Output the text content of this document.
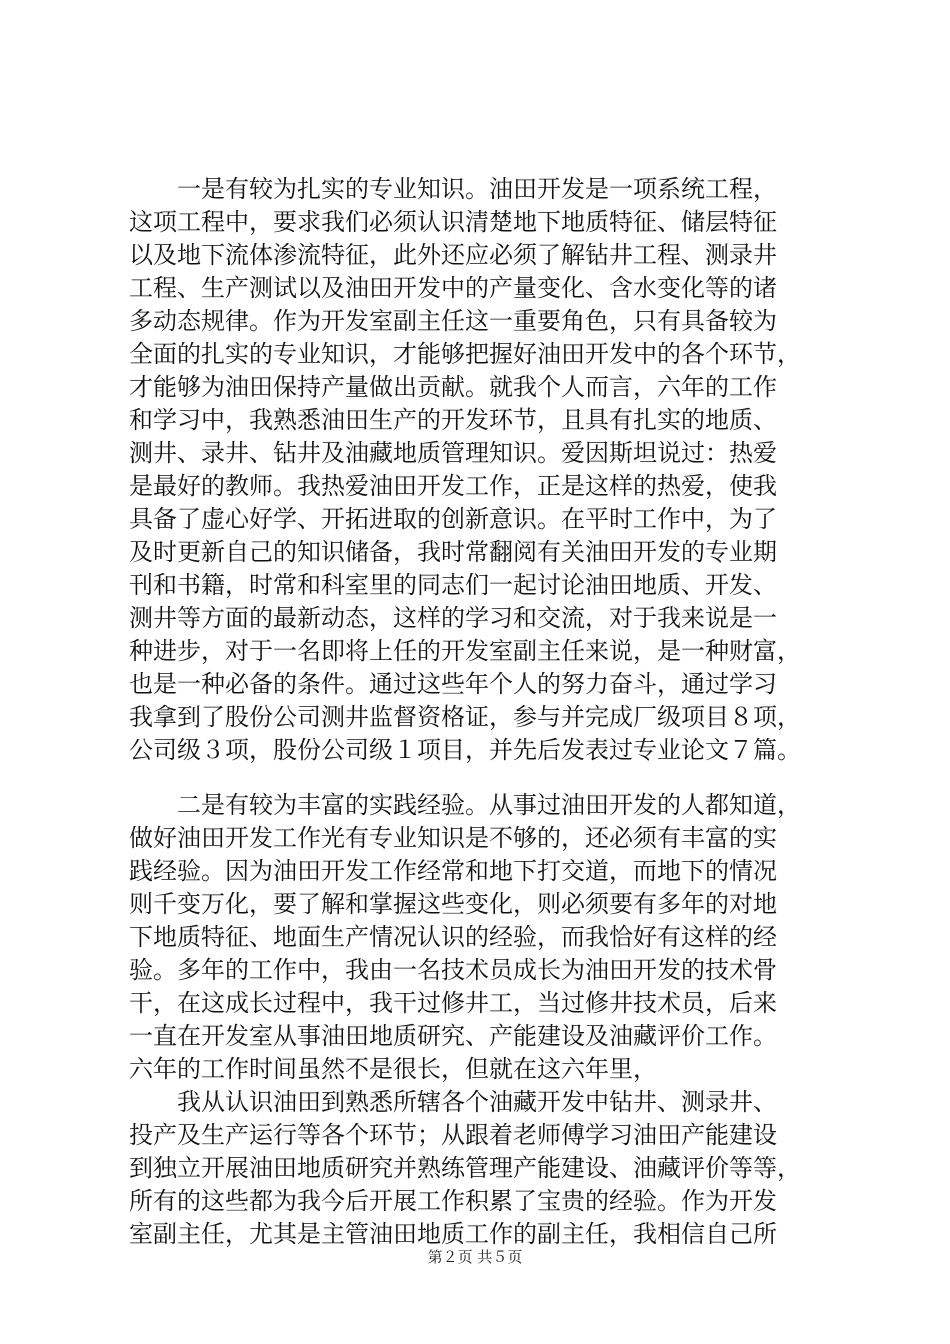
　　一是有较为扎实的专业知识。油田开发是一项系统工程，
这项工程中，要求我们必须认识清楚地下地质特征、储层特征
以及地下流体渗流特征，此外还应必须了解钻井工程、测录井
工程、生产测试以及油田开发中的产量变化、含水变化等的诸
多动态规律。作为开发室副主任这一重要角色，只有具备较为
全面的扎实的专业知识，才能够把握好油田开发中的各个环节，
才能够为油田保持产量做出贡献。就我个人而言，六年的工作
和学习中，我熟悉油田生产的开发环节，且具有扎实的地质、
测井、录井、钻井及油藏地质管理知识。爱因斯坦说过：热爱
是最好的教师。我热爱油田开发工作，正是这样的热爱，使我
具备了虚心好学、开拓进取的创新意识。在平时工作中，为了
及时更新自己的知识储备，我时常翻阅有关油田开发的专业期
刊和书籍，时常和科室里的同志们一起讨论油田地质、开发、
测井等方面的最新动态，这样的学习和交流，对于我来说是一
种进步，对于一名即将上任的开发室副主任来说，是一种财富，
也是一种必备的条件。通过这些年个人的努力奋斗，通过学习
我拿到了股份公司测井监督资格证，参与并完成厂级项目８项，
公司级３项，股份公司级１项目，并先后发表过专业论文７篇。
　　二是有较为丰富的实践经验。从事过油田开发的人都知道，
做好油田开发工作光有专业知识是不够的，还必须有丰富的实
践经验。因为油田开发工作经常和地下打交道，而地下的情况
则千变万化，要了解和掌握这些变化，则必须要有多年的对地
下地质特征、地面生产情况认识的经验，而我恰好有这样的经
验。多年的工作中，我由一名技术员成长为油田开发的技术骨
干，在这成长过程中，我干过修井工，当过修井技术员，后来
一直在开发室从事油田地质研究、产能建设及油藏评价工作。
六年的工作时间虽然不是很长，但就在这六年里，
　　我从认识油田到熟悉所辖各个油藏开发中钻井、测录井、
投产及生产运行等各个环节；从跟着老师傅学习油田产能建设
到独立开展油田地质研究并熟练管理产能建设、油藏评价等等，
所有的这些都为我今后开展工作积累了宝贵的经验。作为开发
室副主任，尤其是主管油田地质工作的副主任，我相信自己所
第２页 共５页
